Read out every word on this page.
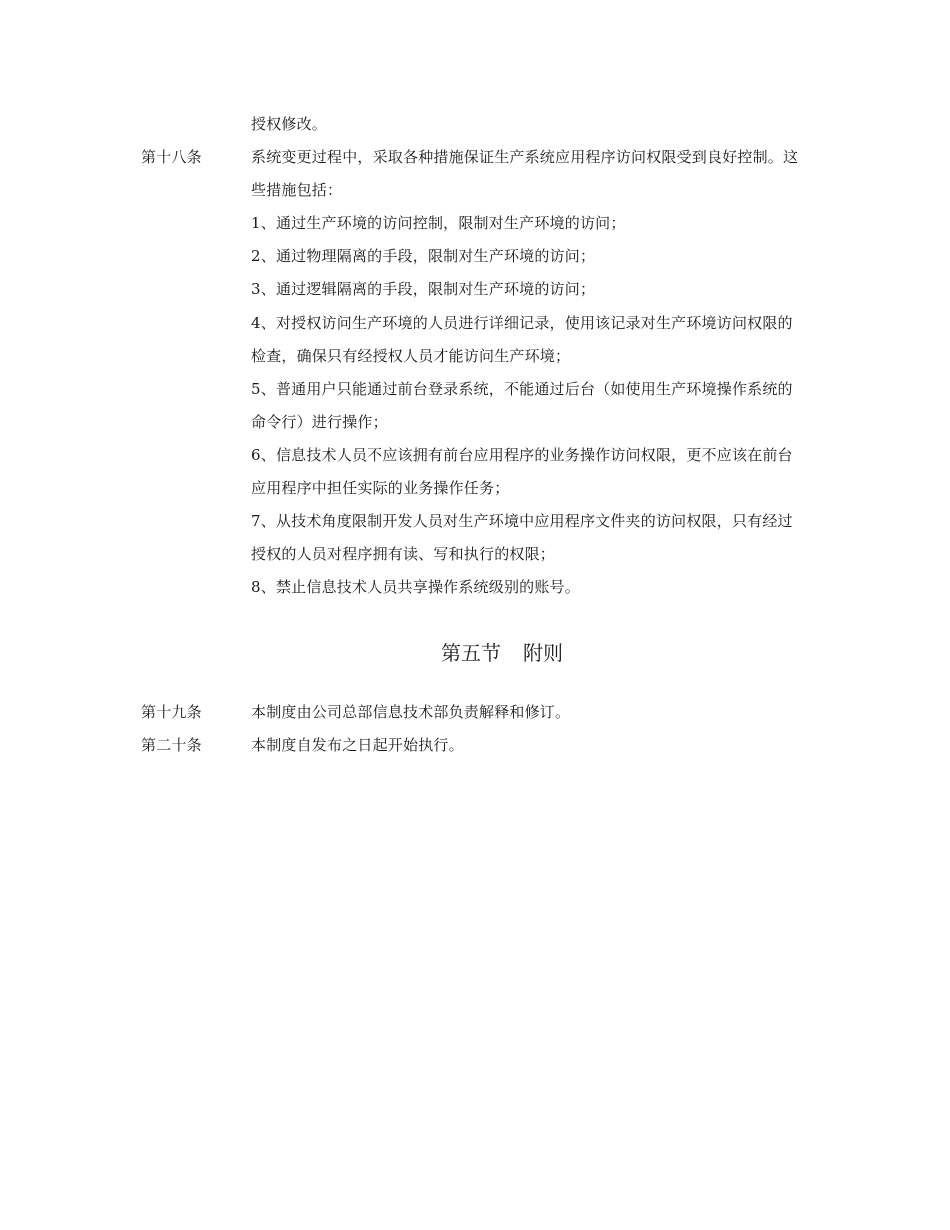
授权修改。
第十八条	系统变更过程中，采取各种措施保证生产系统应用程序访问权限受到良好控制。这
些措施包括：
1、通过生产环境的访问控制，限制对生产环境的访问；
2、通过物理隔离的手段，限制对生产环境的访问；
3、通过逻辑隔离的手段，限制对生产环境的访问；
4、对授权访问生产环境的人员进行详细记录，使用该记录对生产环境访问权限的
检查，确保只有经授权人员才能访问生产环境；
5、普通用户只能通过前台登录系统，不能通过后台（如使用生产环境操作系统的
命令行）进行操作；
6、信息技术人员不应该拥有前台应用程序的业务操作访问权限，更不应该在前台
应用程序中担任实际的业务操作任务；
7、从技术角度限制开发人员对生产环境中应用程序文件夹的访问权限，只有经过
授权的人员对程序拥有读、写和执行的权限；
8、禁止信息技术人员共享操作系统级别的账号。
第五节 附则
第十九条	本制度由公司总部信息技术部负责解释和修订。
第二十条	本制度自发布之日起开始执行。
